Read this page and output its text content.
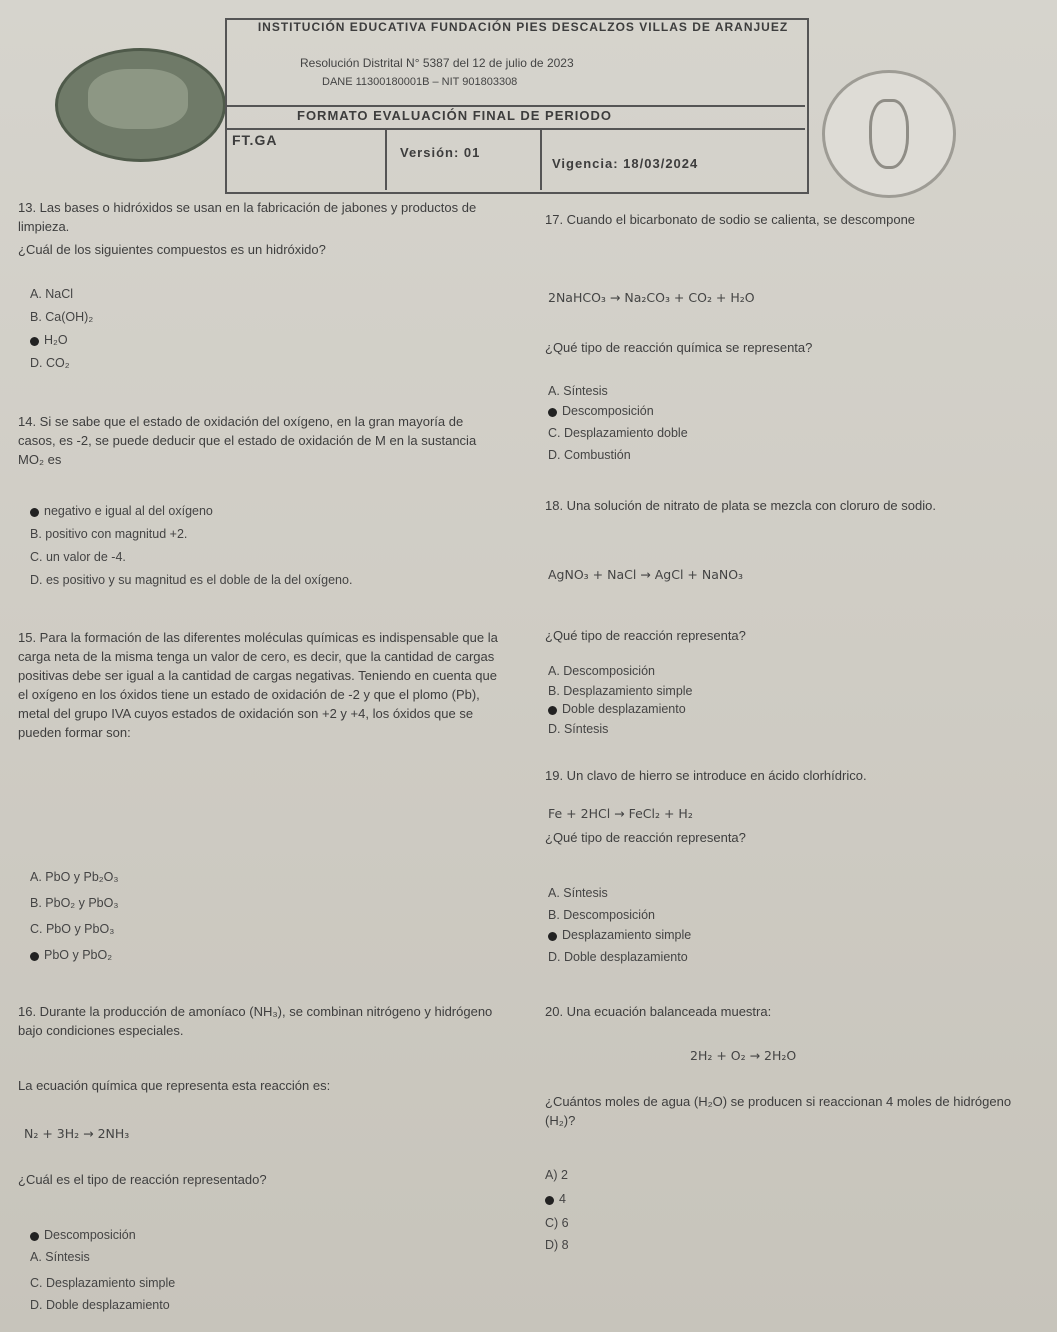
INSTITUCIÓN EDUCATIVA FUNDACIÓN PIES DESCALZOS VILLAS DE ARANJUEZ
Resolución Distrital N° 5387 del 12 de julio de 2023
DANE 11300180001B – NIT 901803308
FORMATO EVALUACIÓN FINAL DE PERIODO
FT.GA
Versión: 01
Vigencia: 18/03/2024
13. Las bases o hidróxidos se usan en la fabricación de jabones y productos de limpieza.
¿Cuál de los siguientes compuestos es un hidróxido?
A. NaCl
B. Ca(OH)₂
H₂O
D. CO₂
14. Si se sabe que el estado de oxidación del oxígeno, en la gran mayoría de casos, es -2, se puede deducir que el estado de oxidación de M en la sustancia MO₂ es
negativo e igual al del oxígeno
B. positivo con magnitud +2.
C. un valor de -4.
D. es positivo y su magnitud es el doble de la del oxígeno.
15. Para la formación de las diferentes moléculas químicas es indispensable que la carga neta de la misma tenga un valor de cero, es decir, que la cantidad de cargas positivas debe ser igual a la cantidad de cargas negativas. Teniendo en cuenta que el oxígeno en los óxidos tiene un estado de oxidación de -2 y que el plomo (Pb), metal del grupo IVA cuyos estados de oxidación son +2 y +4, los óxidos que se pueden formar son:
A. PbO y Pb₂O₃
B. PbO₂ y PbO₃
C. PbO y PbO₃
PbO y PbO₂
16. Durante la producción de amoníaco (NH₃), se combinan nitrógeno y hidrógeno bajo condiciones especiales.
La ecuación química que representa esta reacción es:
N₂ + 3H₂ → 2NH₃
¿Cuál es el tipo de reacción representado?
Descomposición
A. Síntesis
C. Desplazamiento simple
D. Doble desplazamiento
17. Cuando el bicarbonato de sodio se calienta, se descompone
2NaHCO₃ → Na₂CO₃ + CO₂ + H₂O
¿Qué tipo de reacción química se representa?
A. Síntesis
Descomposición
C. Desplazamiento doble
D. Combustión
18. Una solución de nitrato de plata se mezcla con cloruro de sodio.
AgNO₃ + NaCl → AgCl + NaNO₃
¿Qué tipo de reacción representa?
A. Descomposición
B. Desplazamiento simple
Doble desplazamiento
D. Síntesis
19. Un clavo de hierro se introduce en ácido clorhídrico.
Fe + 2HCl → FeCl₂ + H₂
¿Qué tipo de reacción representa?
A. Síntesis
B. Descomposición
Desplazamiento simple
D. Doble desplazamiento
20. Una ecuación balanceada muestra:
2H₂ + O₂ → 2H₂O
¿Cuántos moles de agua (H₂O) se producen si reaccionan 4 moles de hidrógeno (H₂)?
A) 2
4
C) 6
D) 8
